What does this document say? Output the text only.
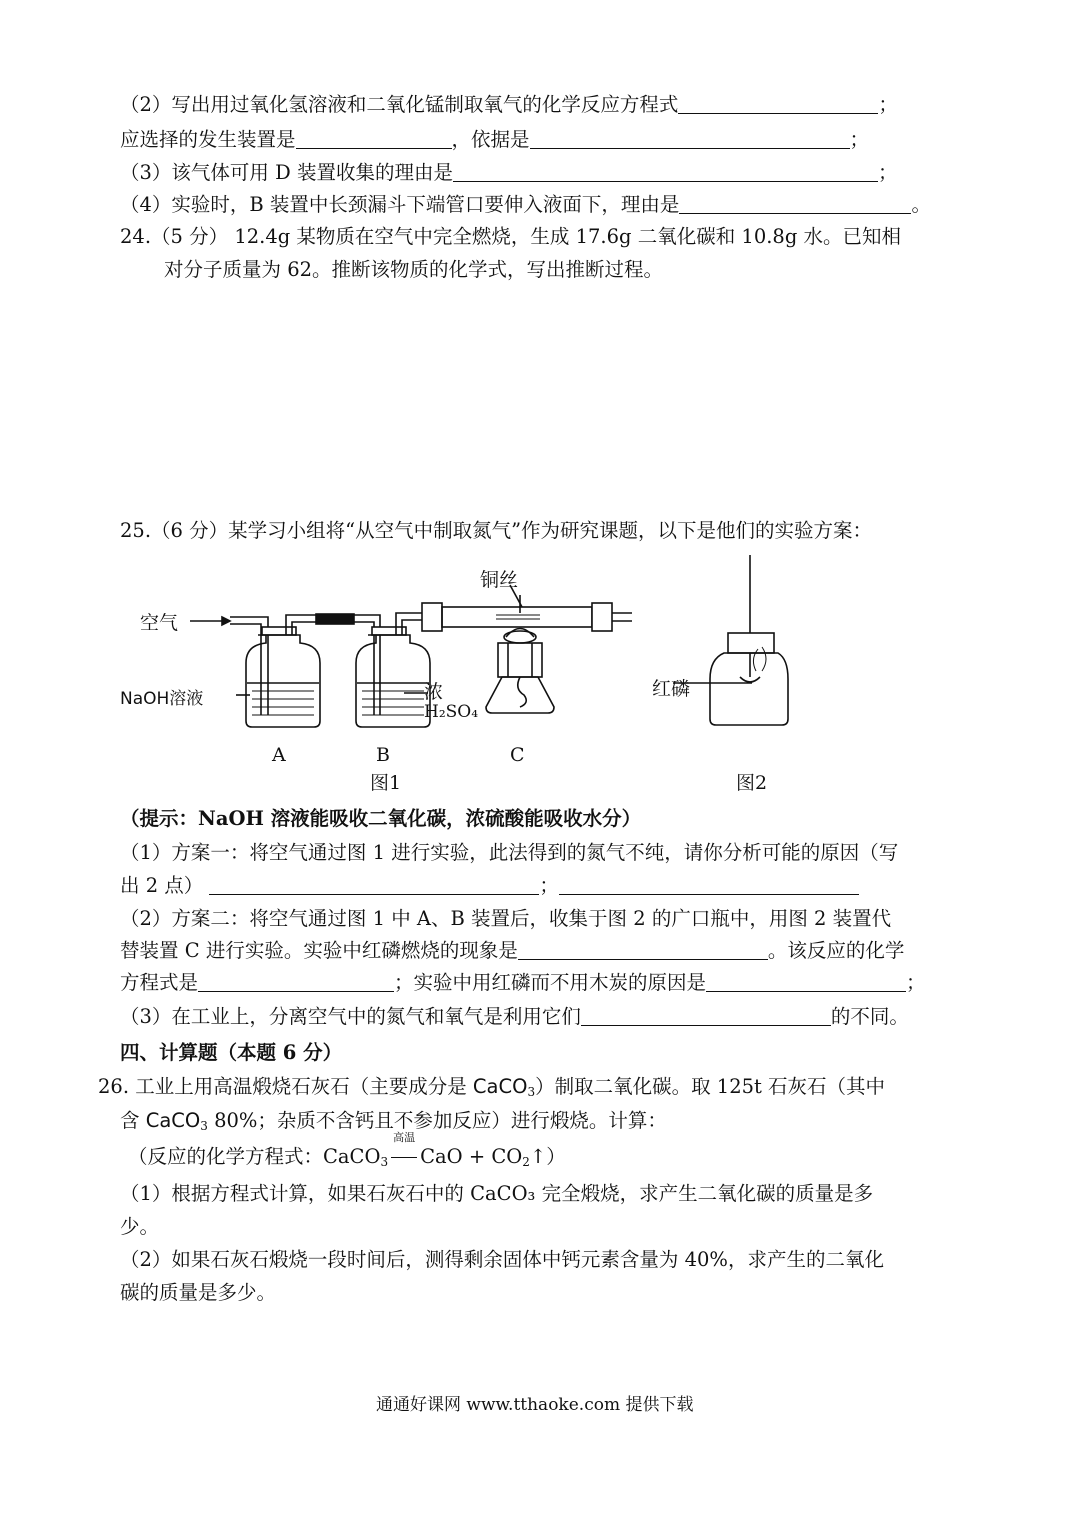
（2）写出用过氧化氢溶液和二氧化锰制取氧气的化学反应方程式	；
应选择的发生装置是	，依据是	；
（3）该气体可用 D 装置收集的理由是	；
（4）实验时，B 装置中长颈漏斗下端管口要伸入液面下，理由是	。
24.（5 分） 12.4g 某物质在空气中完全燃烧，生成 17.6g 二氧化碳和 10.8g 水。已知相
对分子质量为 62。推断该物质的化学式，写出推断过程。
25.（6 分）某学习小组将“从空气中制取氮气”作为研究课题，以下是他们的实验方案：
空气
NaOH溶液	浓
H₂SO₄
铜丝
A	B	C
图1
红磷
图2
（提示：NaOH 溶液能吸收二氧化碳，浓硫酸能吸收水分）
（1）方案一：将空气通过图 1 进行实验，此法得到的氮气不纯，请你分析可能的原因（写
出 2 点）	；
（2）方案二：将空气通过图 1 中 A、B 装置后，收集于图 2 的广口瓶中，用图 2 装置代
替装置 C 进行实验。实验中红磷燃烧的现象是	。该反应的化学
方程式是	；实验中用红磷而不用木炭的原因是	；
（3）在工业上，分离空气中的氮气和氧气是利用它们	的不同。
四、计算题（本题 6 分）
26. 工业上用高温煅烧石灰石（主要成分是 CaCO$_3$）制取二氧化碳。取 125t 石灰石（其中
含 CaCO$_3$ 80%；杂质不含钙且不参加反应）进行煅烧。计算：
（反应的化学方程式：CaCO$_3$
高温
CaO + $CO_2↑$）
（1）根据方程式计算，如果石灰石中的 CaCO₃ 完全煅烧，求产生二氧化碳的质量是多
少。
（2）如果石灰石煅烧一段时间后，测得剩余固体中钙元素含量为 40%，求产生的二氧化
碳的质量是多少。
通通好课网 www.tthaoke.com 提供下载
